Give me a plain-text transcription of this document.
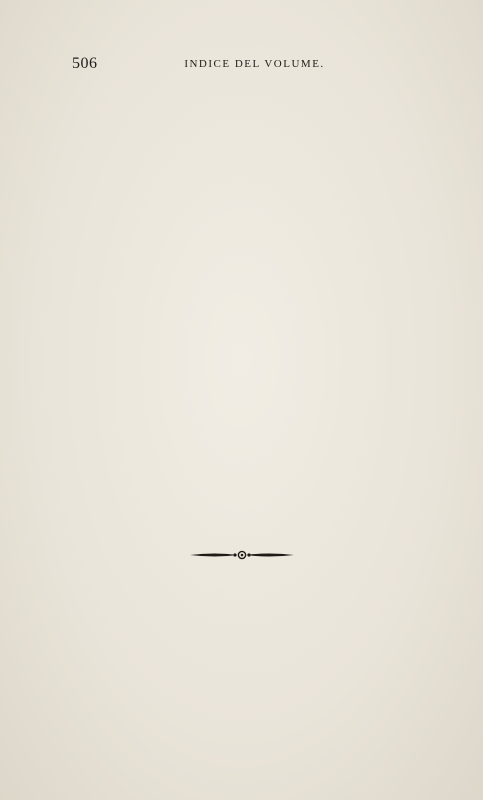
506	INDICE DEL VOLUME.
